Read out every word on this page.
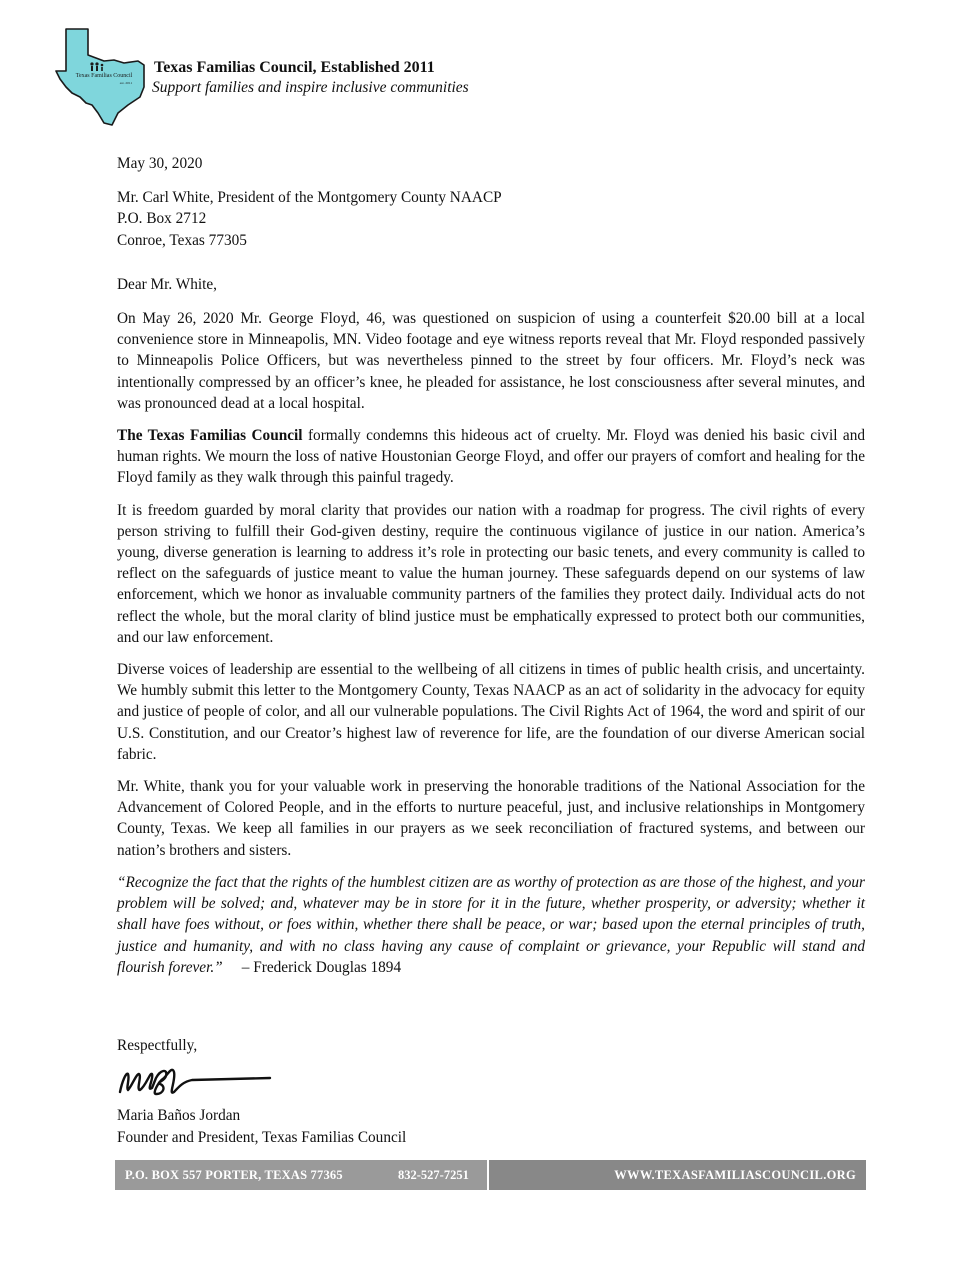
Texas Familias Council
est. 2011
Texas Familias Council, Established 2011
Support families and inspire inclusive communities

May 30, 2020

Mr. Carl White, President of the Montgomery County NAACP
P.O. Box 2712
Conroe, Texas 77305

Dear Mr. White,

On May 26, 2020 Mr. George Floyd, 46, was questioned on suspicion of using a counterfeit $20.00 bill at a local convenience store in Minneapolis, MN. Video footage and eye witness reports reveal that Mr. Floyd responded passively to Minneapolis Police Officers, but was nevertheless pinned to the street by four officers. Mr. Floyd’s neck was intentionally compressed by an officer’s knee, he pleaded for assistance, he lost consciousness after several minutes, and was pronounced dead at a local hospital.

The Texas Familias Council formally condemns this hideous act of cruelty. Mr. Floyd was denied his basic civil and human rights. We mourn the loss of native Houstonian George Floyd, and offer our prayers of comfort and healing for the Floyd family as they walk through this painful tragedy.

It is freedom guarded by moral clarity that provides our nation with a roadmap for progress. The civil rights of every person striving to fulfill their God-given destiny, require the continuous vigilance of justice in our nation. America’s young, diverse generation is learning to address it’s role in protecting our basic tenets, and every community is called to reflect on the safeguards of justice meant to value the human journey. These safeguards depend on our systems of law enforcement, which we honor as invaluable community partners of the families they protect daily. Individual acts do not reflect the whole, but the moral clarity of blind justice must be emphatically expressed to protect both our communities, and our law enforcement.

Diverse voices of leadership are essential to the wellbeing of all citizens in times of public health crisis, and uncertainty. We humbly submit this letter to the Montgomery County, Texas NAACP as an act of solidarity in the advocacy for equity and justice of people of color, and all our vulnerable populations. The Civil Rights Act of 1964, the word and spirit of our U.S. Constitution, and our Creator’s highest law of reverence for life, are the foundation of our diverse American social fabric.

Mr. White, thank you for your valuable work in preserving the honorable traditions of the National Association for the Advancement of Colored People, and in the efforts to nurture peaceful, just, and inclusive relationships in Montgomery County, Texas. We keep all families in our prayers as we seek reconciliation of fractured systems, and between our nation’s brothers and sisters.

“Recognize the fact that the rights of the humblest citizen are as worthy of protection as are those of the highest, and your problem will be solved; and, whatever may be in store for it in the future, whether prosperity, or adversity; whether it shall have foes without, or foes within, whether there shall be peace, or war; based upon the eternal principles of truth, justice and humanity, and with no class having any cause of complaint or grievance, your Republic will stand and flourish forever.”     – Frederick Douglas 1894

Respectfully,
Maria Baños Jordan
Founder and President, Texas Familias Council
P.O. BOX 557 PORTER, TEXAS 77365	832-527-7251	WWW.TEXASFAMILIASCOUNCIL.ORG
